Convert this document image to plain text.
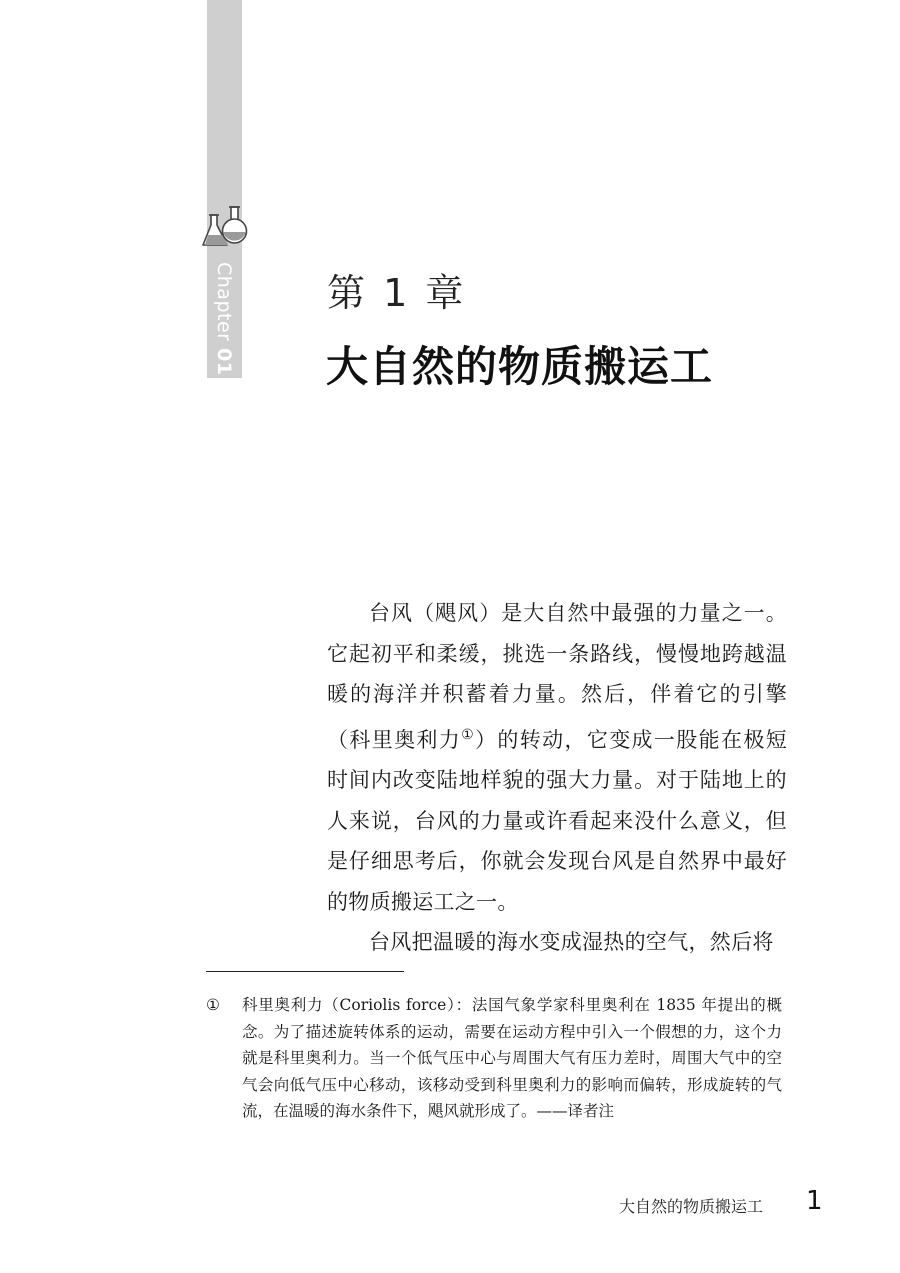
Chapter 01
第 1 章
大自然的物质搬运工

台风（飓风）是大自然中最强的力量之一。它起初平和柔缓，挑选一条路线，慢慢地跨越温暖的海洋并积蓄着力量。然后，伴着它的引擎（科里奥利力①）的转动，它变成一股能在极短时间内改变陆地样貌的强大力量。对于陆地上的人来说，台风的力量或许看起来没什么意义，但是仔细思考后，你就会发现台风是自然界中最好的物质搬运工之一。

台风把温暖的海水变成湿热的空气，然后将

① 科里奥利力（Coriolis force）：法国气象学家科里奥利在 1835 年提出的概念。为了描述旋转体系的运动，需要在运动方程中引入一个假想的力，这个力就是科里奥利力。当一个低气压中心与周围大气有压力差时，周围大气中的空气会向低气压中心移动，该移动受到科里奥利力的影响而偏转，形成旋转的气流，在温暖的海水条件下，飓风就形成了。——译者注
大自然的物质搬运工 1
